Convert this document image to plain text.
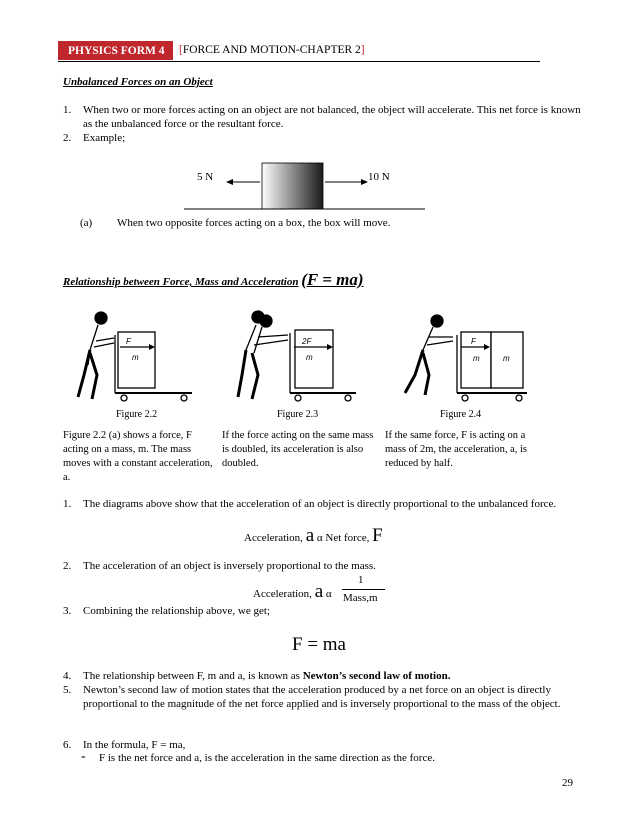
PHYSICS FORM 4	[FORCE AND MOTION-CHAPTER 2]
Unbalanced Forces on an Object
1. When two or more forces acting on an object are not balanced, the object will accelerate. This net force is known as the unbalanced force or the resultant force.
2. Example;
5 N	10 N
(a) When two opposite forces acting on a box, the box will move.
Relationship between Force, Mass and Acceleration (F = ma)
F
m
2F
m
F
m	m
Figure 2.2	Figure 2.3	Figure 2.4
Figure 2.2 (a) shows a force, F acting on a mass, m. The mass moves with a constant acceleration, a.
If the force acting on the same mass is doubled, its acceleration is also doubled.
If the same force, F is acting on a mass of 2m, the acceleration, a, is reduced by half.
1. The diagrams above show that the acceleration of an object is directly proportional to the unbalanced force.
Acceleration, a α Net force, F
2. The acceleration of an object is inversely proportional to the mass.
Acceleration, a α
1
Mass,m
3. Combining the relationship above, we get;
F = ma
4. The relationship between F, m and a, is known as Newton’s second law of motion.
5. Newton’s second law of motion states that the acceleration produced by a net force on an object is directly proportional to the magnitude of the net force applied and is inversely proportional to the mass of the object.
6. In the formula, F = ma,
- F is the net force and a, is the acceleration in the same direction as the force.
29
